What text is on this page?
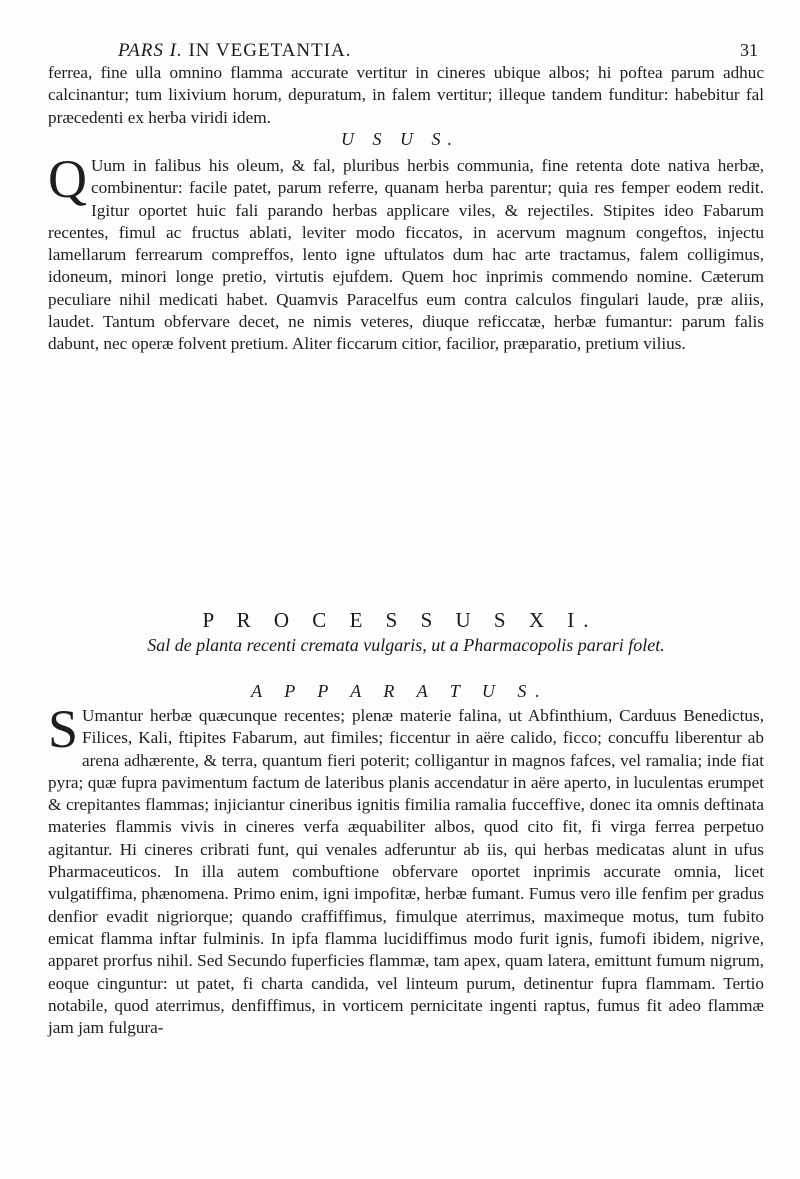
PARS I. IN VEGETANTIA.	31

ferrea, fine ulla omnino flamma accurate vertitur in cineres ubique albos; hi poftea parum adhuc calcinantur; tum lixivium horum, depuratum, in falem vertitur; illeque tandem funditur: habebitur fal præcedenti ex herba viridi idem.

U S U S.
Q Uum in falibus his oleum, & fal, pluribus herbis communia, fine retenta dote nativa herbæ, combinentur: facile patet, parum referre, quanam herba parentur; quia res femper eodem redit. Igitur oportet huic fali parando herbas applicare viles, & rejectiles. Stipites ideo Fabarum recentes, fimul ac fructus ablati, leviter modo ficcatos, in acervum magnum congeftos, injectu lamellarum ferrearum compreffos, lento igne uftulatos dum hac arte tractamus, falem colligimus, idoneum, minori longe pretio, virtutis ejufdem. Quem hoc inprimis commendo nomine. Cæterum peculiare nihil medicati habet. Quamvis Paracelfus eum contra calculos fingulari laude, præ aliis, laudet. Tantum obfervare decet, ne nimis veteres, diuque reficcatæ, herbæ fumantur: parum falis dabunt, nec operæ folvent pretium. Aliter ficcarum citior, facilior, præparatio, pretium vilius.

P R O C E S S U S X I.
Sal de planta recenti cremata vulgaris, ut a Pharmacopolis parari folet.
A P P A R A T U S.
S Umantur herbæ quæcunque recentes; plenæ materie falina, ut Abfinthium, Carduus Benedictus, Filices, Kali, ftipites Fabarum, aut fimiles; ficcentur in aëre calido, ficco; concuffu liberentur ab arena adhærente, & terra, quantum fieri poterit; colligantur in magnos fafces, vel ramalia; inde fiat pyra; quæ fupra pavimentum factum de lateribus planis accendatur in aëre aperto, in luculentas erumpet & crepitantes flammas; injiciantur cineribus ignitis fimilia ramalia fucceffive, donec ita omnis deftinata materies flammis vivis in cineres verfa æquabiliter albos, quod cito fit, fi virga ferrea perpetuo agitantur. Hi cineres cribrati funt, qui venales adferuntur ab iis, qui herbas medicatas alunt in ufus Pharmaceuticos. In illa autem combuftione obfervare oportet inprimis accurate omnia, licet vulgatiffima, phænomena. Primo enim, igni impofitæ, herbæ fumant. Fumus vero ille fenfim per gradus denfior evadit nigriorque; quando craffiffimus, fimulque aterrimus, maximeque motus, tum fubito emicat flamma inftar fulminis. In ipfa flamma lucidiffimus modo furit ignis, fumofi ibidem, nigrive, apparet prorfus nihil. Sed Secundo fuperficies flammæ, tam apex, quam latera, emittunt fumum nigrum, eoque cinguntur: ut patet, fi charta candida, vel linteum purum, detinentur fupra flammam. Tertio notabile, quod aterrimus, denfiffimus, in vorticem pernicitate ingenti raptus, fumus fit adeo flammæ jam jam fulgura-
